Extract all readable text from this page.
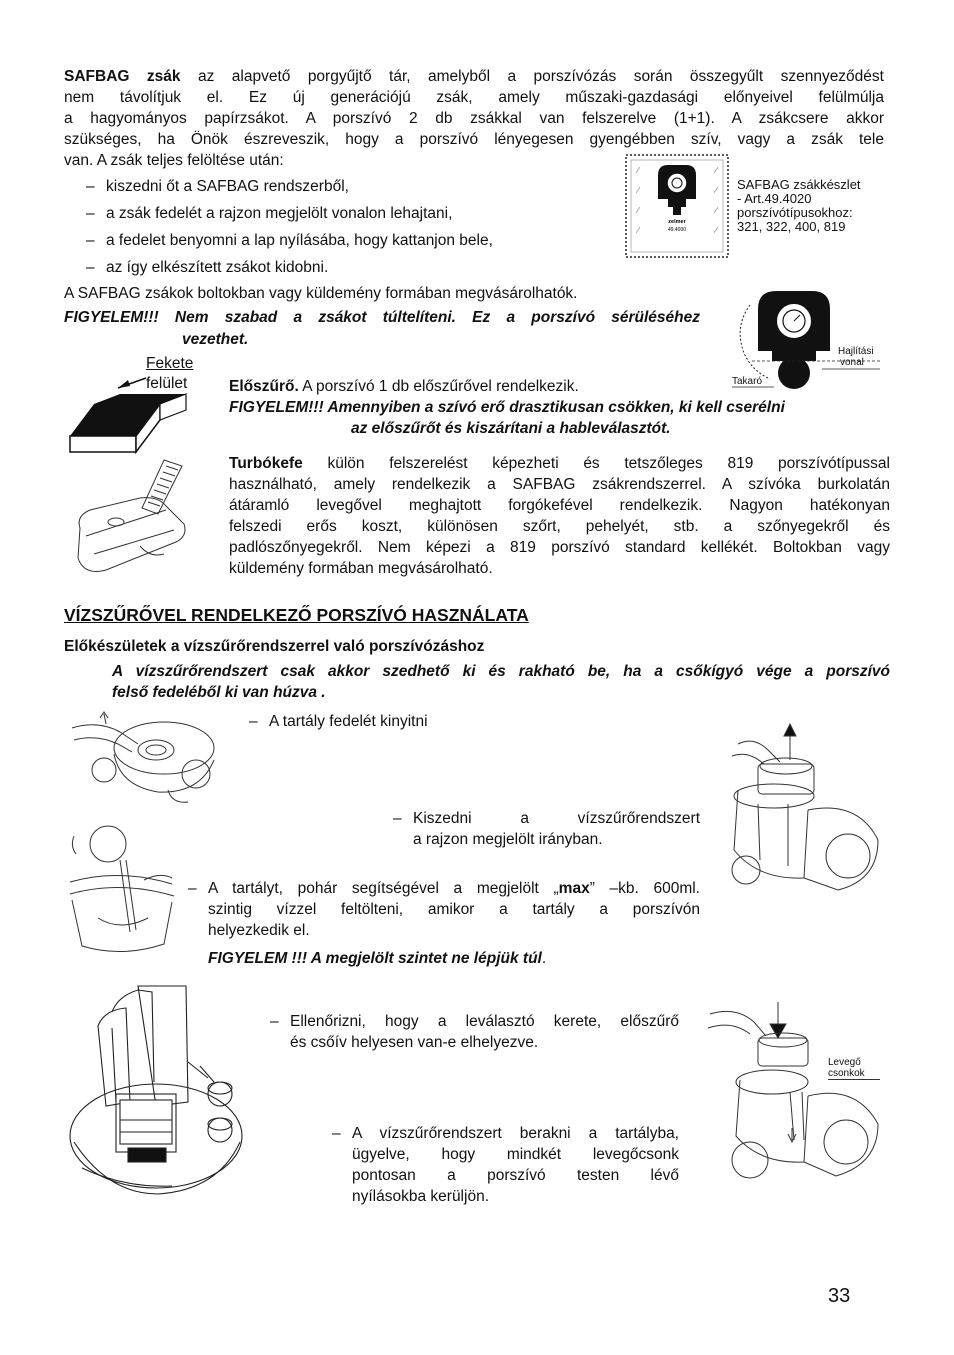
SAFBAG zsák az alapvető porgyűjtő tár, amelyből a porszívózás során összegyűlt szennyeződést
nem távolítjuk el. Ez új generációjú zsák, amely műszaki-gazdasági előnyeivel felülmúlja
a hagyományos papírzsákot. A porszívó 2 db zsákkal van felszerelve (1+1). A zsákcsere akkor
szükséges, ha Önök észreveszik, hogy a porszívó lényegesen gyengébben szív, vagy a zsák tele
van. A zsák teljes felöltése után:
– kiszedni őt a SAFBAG rendszerből,
– a zsák fedelét a rajzon megjelölt vonalon lehajtani,
– a fedelet benyomni a lap nyílásába, hogy kattanjon bele,
– az így elkészített zsákot kidobni.
zelmer
49.4000
SAFBAG zsákkészlet
- Art.49.4020
porszívótípusokhoz:
321, 322, 400, 819
A SAFBAG zsákok boltokban vagy küldemény formában megvásárolhatók.
FIGYELEM!!! Nem szabad a zsákot túltelíteni. Ez a porszívó sérüléséhez
vezethet.
Hajlítási
vonal
Takaró
Fekete
felület	Előszűrő. A porszívó 1 db előszűrővel rendelkezik.
FIGYELEM!!! Amennyiben a szívó erő drasztikusan csökken, ki kell cserélni
az előszűrőt és kiszárítani a hableválasztót.
Turbókefe külön felszerelést képezheti és tetszőleges 819 porszívótípussal
használható, amely rendelkezik a SAFBAG zsákrendszerrel. A szívóka burkolatán
átáramló levegővel meghajtott forgókefével rendelkezik. Nagyon hatékonyan
felszedi erős koszt, különösen szőrt, pehelyét, stb. a szőnyegekről és
padlószőnyegekről. Nem képezi a 819 porszívó standard kellékét. Boltokban vagy
küldemény formában megvásárolható.
VÍZSZŰRŐVEL RENDELKEZŐ PORSZÍVÓ HASZNÁLATA
Előkészületek a vízszűrőrendszerrel való porszívózáshoz
A vízszűrőrendszert csak akkor szedhető ki és rakható be, ha a csőkígyó vége a porszívó
felső fedeléből ki van húzva .
– A tartály fedelét kinyitni
– Kiszedni a vízszűrőrendszert
a rajzon megjelölt irányban.
– A tartályt, pohár segítségével a megjelölt „max” –kb. 600ml.
szintig vízzel feltölteni, amikor a tartály a porszívón
helyezkedik el.
FIGYELEM !!! A megjelölt szintet ne lépjük túl.
– Ellenőrizni, hogy a leválasztó kerete, előszűrő
és csőív helyesen van-e elhelyezve.
– A vízszűrőrendszert berakni a tartályba,
ügyelve, hogy mindkét levegőcsonk
pontosan a porszívó testen lévő
nyílásokba kerüljön.
Levegő
csonkok
33
